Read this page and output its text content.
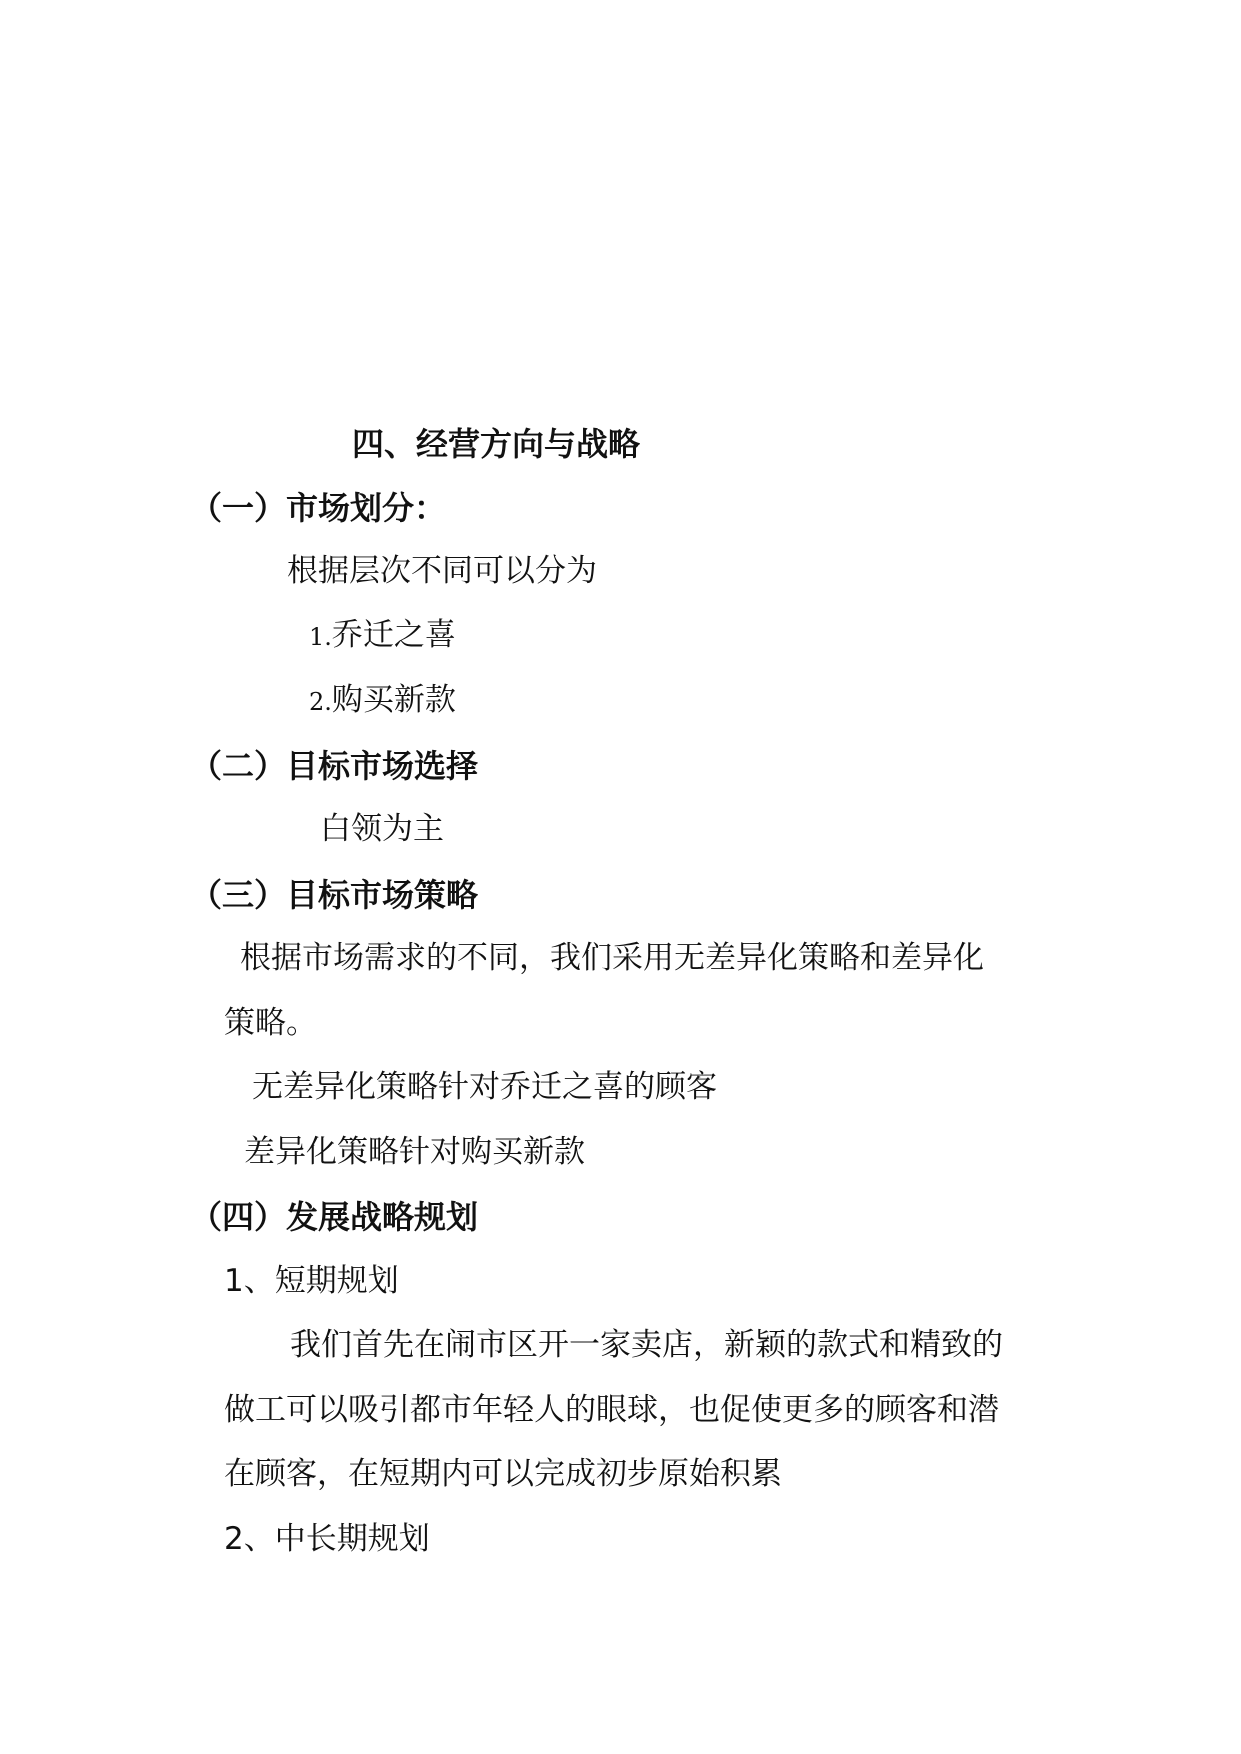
四、经营方向与战略
（一）市场划分：
根据层次不同可以分为
1.乔迁之喜
2.购买新款
（二）目标市场选择
白领为主
（三）目标市场策略
根据市场需求的不同，我们采用无差异化策略和差异化
策略。
无差异化策略针对乔迁之喜的顾客
差异化策略针对购买新款
（四）发展战略规划
1、短期规划
我们首先在闹市区开一家卖店，新颖的款式和精致的
做工可以吸引都市年轻人的眼球，也促使更多的顾客和潜
在顾客，在短期内可以完成初步原始积累
2、中长期规划
